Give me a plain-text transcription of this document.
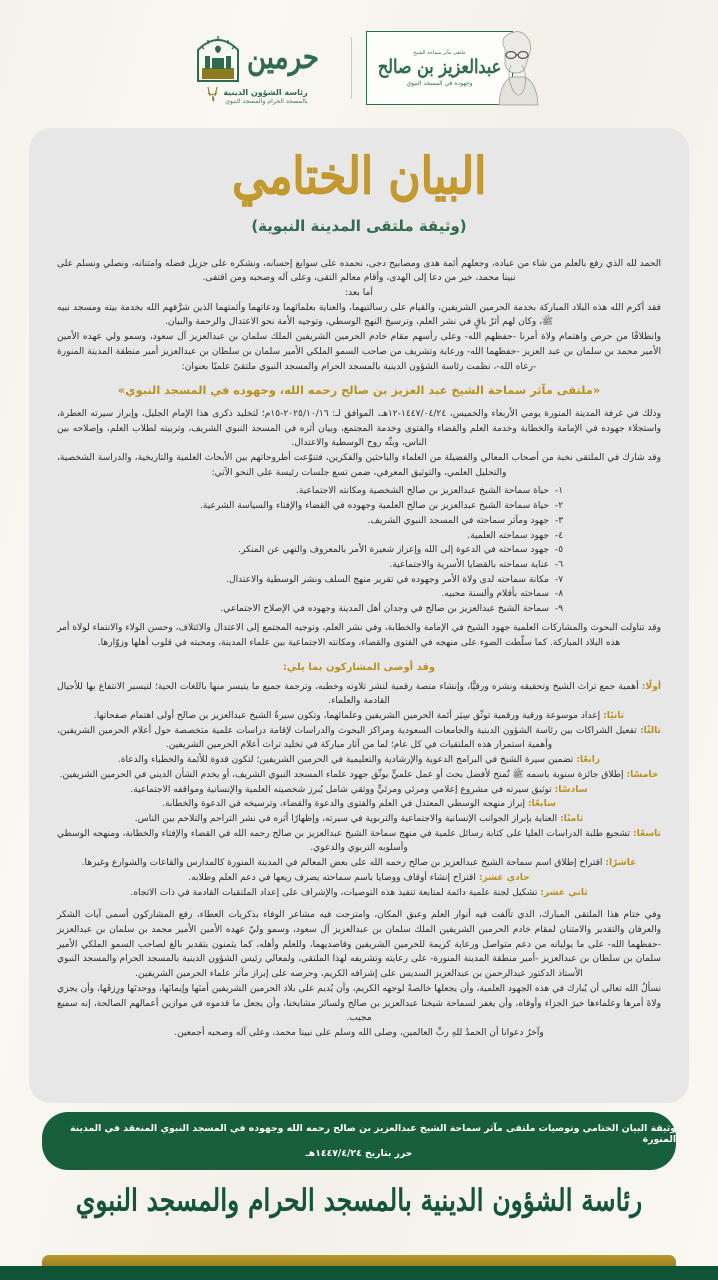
ملتقى مآثر سماحة الشيخ
عبدالعزيز بن صالح
وجهوده في المسجد النبوي
حرمين
رئاسة الشؤون الدينية
بالمسجد الحرام والمسجد النبوي
البيان الختامي
(وثيقة ملتقى المدينة النبوية)

الحمد لله الذي رفع بالعلم من شاء من عباده، وجعلهم أئمة هدى ومصابيح دجى، نحمده على سوابغ إحسانه، ونشكره على جزيل فضله وامتنانه، ونصلي ونسلم على نبينا محمد، خير من دعا إلى الهدى، وأقام معالم التقى، وعلى آله وصحبه ومن اقتفى.

أما بعد:

فقد أكرم الله هذه البلاد المباركة بخدمة الحرمين الشريفين، والقيام على رسالتيهما، والعناية بعلمائهما ودعاتهما وأئمتهما الذين شرَّفهم الله بخدمة بيته ومسجد نبيه ﷺ، وكان لهم أثرٌ باقٍ في نشر العلم، وترسيخ النهج الوسطي، وتوجيه الأمة نحو الاعتدال والرحمة والبيان.

وانطلاقًا من حرص واهتمام ولاة أمرنا -حفظهم الله- وعلى رأسهم مقام خادم الحرمين الشريفين الملك سلمان بن عبدالعزيز آل سعود، وسمو ولي عهده الأمين الأمير محمد بن سلمان بن عبد العزيز -حفظهما الله- ورعاية وتشريف من صاحب السمو الملكي الأمير سلمان بن سلطان بن عبدالعزيز أمير منطقة المدينة المنورة -رعاه الله-، نظمت رئاسة الشؤون الدينية بالمسجد الحرام والمسجد النبوي ملتقىً علميًا بعنوان:

«ملتقى مآثر سماحة الشيخ عبد العزيز بن صالح رحمه الله، وجهوده في المسجد النبوي»

وذلك في غرفة المدينة المنورة يومي الأربعاء والخميس، ١٤٤٧/٠٤/٢٤-١٢هـ، الموافق لـ: ٢٠٢٥/١٠/١٦-١٥م؛ لتخليد ذكرى هذا الإمام الجليل، وإبراز سيرته العطرة، واستجلاء جهوده في الإمامة والخطابة وخدمة العلم والقضاء والفتوى وخدمة المجتمع، وبيان أثره في المسجد النبوي الشريف، وتربيته لطلاب العلم، وإصلاحه بين الناس، وبثّه روح الوسطية والاعتدال.

وقد شارك في الملتقى نخبة من أصحاب المعالي والفضيلة من العلماء والباحثين والفكرين، فتنوّعت أطروحاتهم بين الأبحاث العلمية والتاريخية، والدراسة الشخصية، والتحليل العلمي، والتوثيق المعرفي، ضمن تسع جلسات رئيسة على النحو الآتي:

١-
حياة سماحة الشيخ عبدالعزيز بن صالح الشخصية ومكانته الاجتماعية.
٢-
حياة سماحة الشيخ عبدالعزيز بن صالح العلمية وجهوده في القضاء والإفتاء والسياسة الشرعية.
٣-
جهود ومآثر سماحته في المسجد النبوي الشريف.
٤-
جهود سماحته العلمية.
٥-
جهود سماحته في الدعوة إلى الله وإعزاز شعيرة الأمر بالمعروف والنهي عن المنكر.
٦-
عناية سماحته بالقضايا الأسرية والاجتماعية.
٧-
مكانة سماحته لدى ولاة الأمر وجهوده في تقرير منهج السلف ونشر الوسطية والاعتدال.
٨-
سماحته بأقلام وألسنة محبيه.
٩-
سماحة الشيخ عبدالعزيز بن صالح في وجدان أهل المدينة وجهوده في الإصلاح الاجتماعي.

وقد تناولت البحوث والمشاركات العلمية جهود الشيخ في الإمامة والخطابة، وفي نشر العلم، وتوجيه المجتمع إلى الاعتدال والائتلاف، وحسن الولاء والانتماء لولاة أمر هذه البلاد المباركة. كما سلّطت الضوء على منهجه في الفتوى والقضاء، ومكانته الاجتماعية بين علماء المدينة، ومحبته في قلوب أهلها وزوّارها.

وقد أوصى المشاركون بما يلي:

أولًا: أهمية جمع تراث الشيخ وتحقيقه ونشره ورقيًّا، وإنشاء منصة رقمية لنشر تلاوته وخطبه، وترجمة جميع ما يتيسر منها باللغات الحية؛ لتيسير الانتفاع بها للأجيال القادمة والعلماء.

ثانيًا: إعداد موسوعة ورقية ورقمية توثّق سِيَر أئمة الحرمين الشريفين وعلمائهما، وتكون سيرةُ الشيخ عبدالعزيز بن صالح أولى اهتمام صفحاتها.

ثالثًا: تفعيل الشراكات بين رئاسة الشؤون الدينية والجامعات السعودية ومراكز البحوث والدراسات لإقامة دراسات علمية متخصصة حول أعلام الحرمين الشريفين، وأهمية استمرار هذه الملتقيات في كل عام؛ لما من آثار مباركة في تخليد تراث أعلام الحرمين الشريفين.

رابعًا: تضمين سيرة الشيخ في البرامج الدعوية والإرشادية والتعليمية في الحرمين الشريفين؛ لتكون قدوة للأئمة والخطباء والدعاة.

خامسًا: إطلاق جائزة سنوية باسمه ﷺ تُمنح لأفضل بحث أو عمل علميٍّ يوثّق جهود علماء المسجد النبوي الشريف، أو يخدم الشأن الديني في الحرمين الشريفين.

سادسًا: توثيق سيرته في مشروع إعلامي ومرئي ومرئيٍّ ووثقي شامل يُبرز شخصيته العلمية والإنسانية ومواقفه الاجتماعية.

سابعًا: إبراز منهجه الوسطي المعتدل في العلم والفتوى والدعوة والقضاء، وترسيخه في الدعوة والخطابة.

ثامنًا: العناية بإبراز الجوانب الإنسانية والاجتماعية والتربوية في سيرته، وإظهارًا أثره في نشر التراحم والتلاحم بين الناس.

تاسعًا: تشجيع طلبة الدراسات العليا على كتابة رسائل علمية في منهج سماحة الشيخ عبدالعزيز بن صالح رحمه الله في القضاء والإفتاء والخطابة، ومنهجه الوسطي وأسلوبه التربوي والدعوي.

عاشرًا: اقتراح إطلاق اسم سماحة الشيخ عبدالعزيز بن صالح رحمه الله على بعض المعالم في المدينة المنورة كالمدارس والقاعات والشوارع وغيرها.

حادي عشر: اقتراح إنشاء أوقاف ووصايا باسم سماحته يصرف ريعها في دعم العلم وطلابه.

ثاني عشر: تشكيل لجنة علمية دائمة لمتابعة تنفيذ هذه التوصيات، والإشراف على إعداد الملتقيات القادمة في ذات الاتجاه.

وفي ختام هذا الملتقى المبارك، الذي تآلفت فيه أنوار العلم وعبق المكان، وامتزجت فيه مشاعر الوفاء بذكريات العطاء، رفع المشاركون أسمى آيات الشكر والعرفان والتقدير والامتنان لمقام خادم الحرمين الشريفين الملك سلمان بن عبدالعزيز آل سعود، وسمو وليّ عهده الأمين الأمير محمد بن سلمان بن عبدالعزيز -حفظهما الله- على ما يوليانه من دعم متواصل ورعاية كريمة للحرمين الشريفين وقاصديهما، وللعلم وأهله، كما يثمنون بتقدير بالغ لصاحب السمو الملكي الأمير سلمان بن سلطان بن عبدالعزيز -أمير منطقة المدينة المنورة- على رعايته وتشريفه لهذا الملتقى، ولمعالي رئيس الشؤون الدينية بالمسجد الحرام والمسجد النبوي الأستاذ الدكتور عبدالرحمن بن عبدالعزيز السديس على إشرافه الكريم، وحرصه على إبراز مآثر علماء الحرمين الشريفين.

نسألُ الله تعالى أن يُبارك في هذه الجهود العلمية، وأن يجعلها خالصةً لوجهه الكريم، وأن يُديم على بلاد الحرمين الشريفين أمنَها وإيمانَها، ووحدتَها ورِزقَها، وأن يجزي ولاةَ أمرها وعلماءها خيرَ الجزاء وأوفاه، وأن يغفر لسماحة شيخنا عبدالعزيز بن صالح ولسائر مشايخنا، وأن يجعل ما قدموه في موازين أعمالهم الصالحة، إنه سميع مجيب.

وآخرُ دعوانا أن الحمدُ للهِ ربِّ العالمين، وصلى الله وسلم على نبينا محمد، وعلى آله وصحبه أجمعين.

وثيقة البيان الختامي وتوصيات ملتقى مآثر سماحة الشيخ عبدالعزيز بن صالح رحمه الله وجهوده في المسجد النبوي المنعقد في المدينة المنورة
حرر بتاريخ ١٤٤٧/٤/٢٤هـ
رئاسة الشؤون الدينية بالمسجد الحرام والمسجد النبوي
